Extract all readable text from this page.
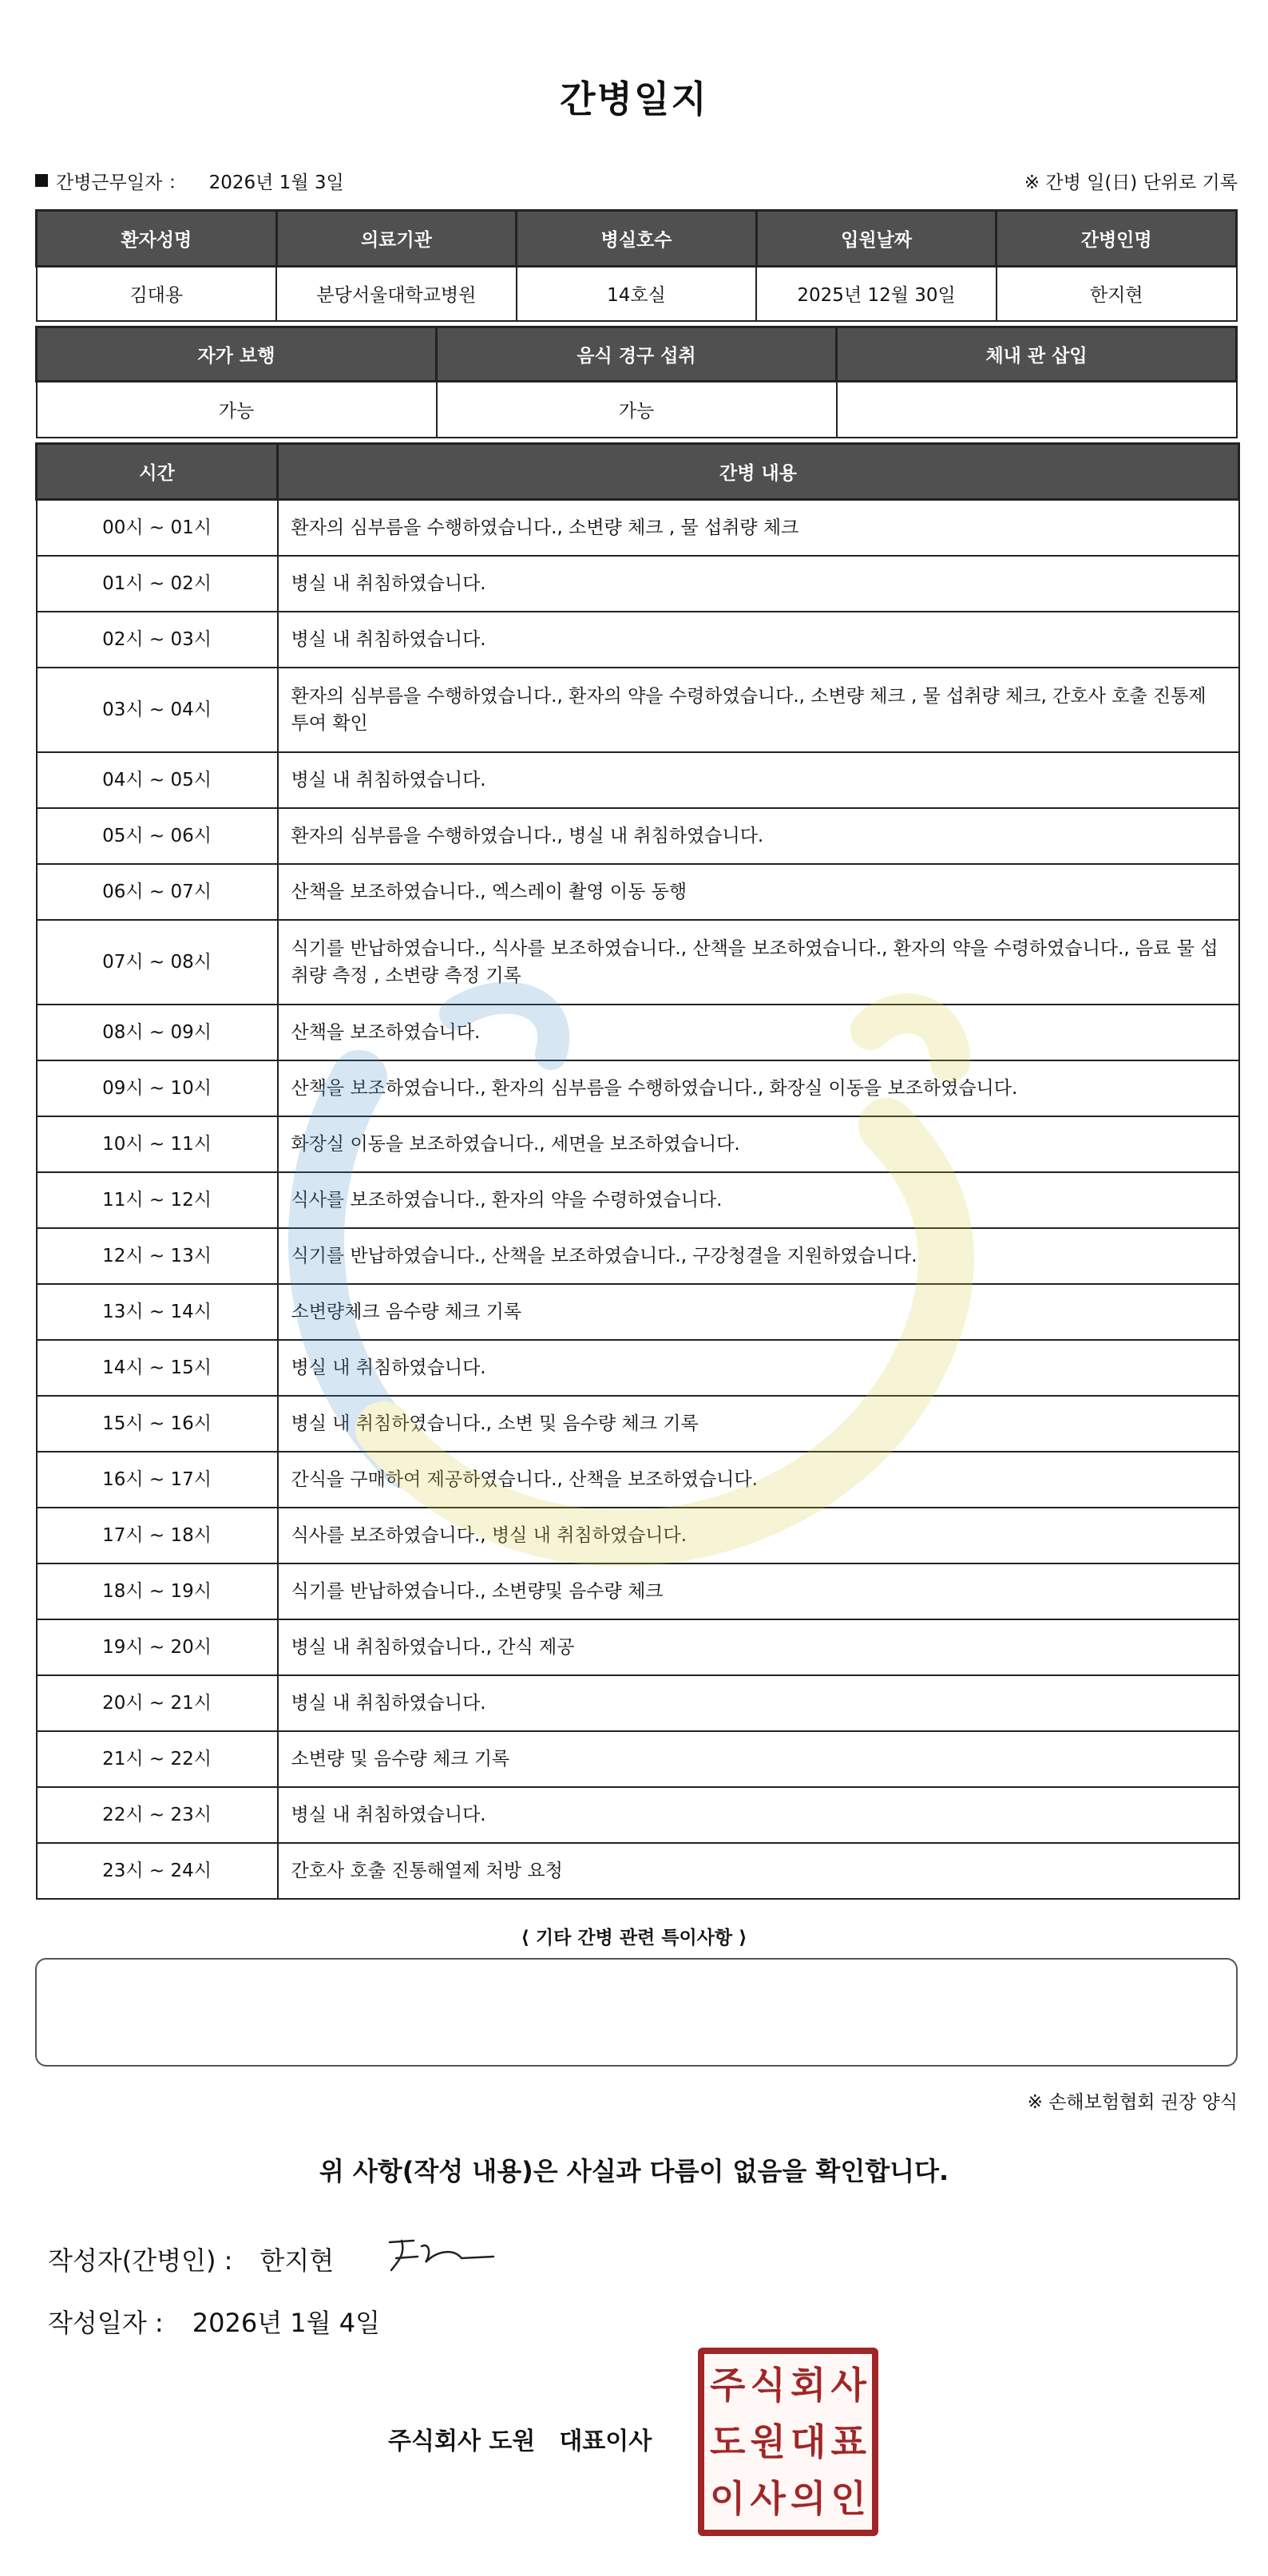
간병일지
간병근무일자 ： 2026년 1월 3일	※ 간병 일(日) 단위로 기록
환자성명	의료기관	병실호수	입원날짜	간병인명
김대용	분당서울대학교병원	14호실	2025년 12월 30일	한지현
자가 보행	음식 경구 섭취	체내 관 삽입
가능	가능	
시간	간병 내용
00시 ~ 01시	환자의 심부름을 수행하였습니다., 소변량 체크 , 물 섭취량 체크
01시 ~ 02시	병실 내 취침하였습니다.
02시 ~ 03시	병실 내 취침하였습니다.
03시 ~ 04시	환자의 심부름을 수행하였습니다., 환자의 약을 수령하였습니다., 소변량 체크 , 물 섭취량 체크, 간호사 호출 진통제 투여 확인
04시 ~ 05시	병실 내 취침하였습니다.
05시 ~ 06시	환자의 심부름을 수행하였습니다., 병실 내 취침하였습니다.
06시 ~ 07시	산책을 보조하였습니다., 엑스레이 촬영 이동 동행
07시 ~ 08시	식기를 반납하였습니다., 식사를 보조하였습니다., 산책을 보조하였습니다., 환자의 약을 수령하였습니다., 음료 물 섭취량 측정 , 소변량 측정 기록
08시 ~ 09시	산책을 보조하였습니다.
09시 ~ 10시	산책을 보조하였습니다., 환자의 심부름을 수행하였습니다., 화장실 이동을 보조하였습니다.
10시 ~ 11시	화장실 이동을 보조하였습니다., 세면을 보조하였습니다.
11시 ~ 12시	식사를 보조하였습니다., 환자의 약을 수령하였습니다.
12시 ~ 13시	식기를 반납하였습니다., 산책을 보조하였습니다., 구강청결을 지원하였습니다.
13시 ~ 14시	소변량체크 음수량 체크 기록
14시 ~ 15시	병실 내 취침하였습니다.
15시 ~ 16시	병실 내 취침하였습니다., 소변 및 음수량 체크 기록
16시 ~ 17시	간식을 구매하여 제공하였습니다., 산책을 보조하였습니다.
17시 ~ 18시	식사를 보조하였습니다., 병실 내 취침하였습니다.
18시 ~ 19시	식기를 반납하였습니다., 소변량및 음수량 체크
19시 ~ 20시	병실 내 취침하였습니다., 간식 제공
20시 ~ 21시	병실 내 취침하였습니다.
21시 ~ 22시	소변량 및 음수량 체크 기록
22시 ~ 23시	병실 내 취침하였습니다.
23시 ~ 24시	간호사 호출 진통해열제 처방 요청
⟨ 기타 간병 관련 특이사항 ⟩
※ 손해보험협회 권장 양식
위 사항(작성 내용)은 사실과 다름이 없음을 확인합니다.
작성자(간병인) : 한지현
작성일자 : 2026년 1월 4일
주식회사 도원 대표이사
주 식 회 사
도 원 대 표
이 사 의 인
